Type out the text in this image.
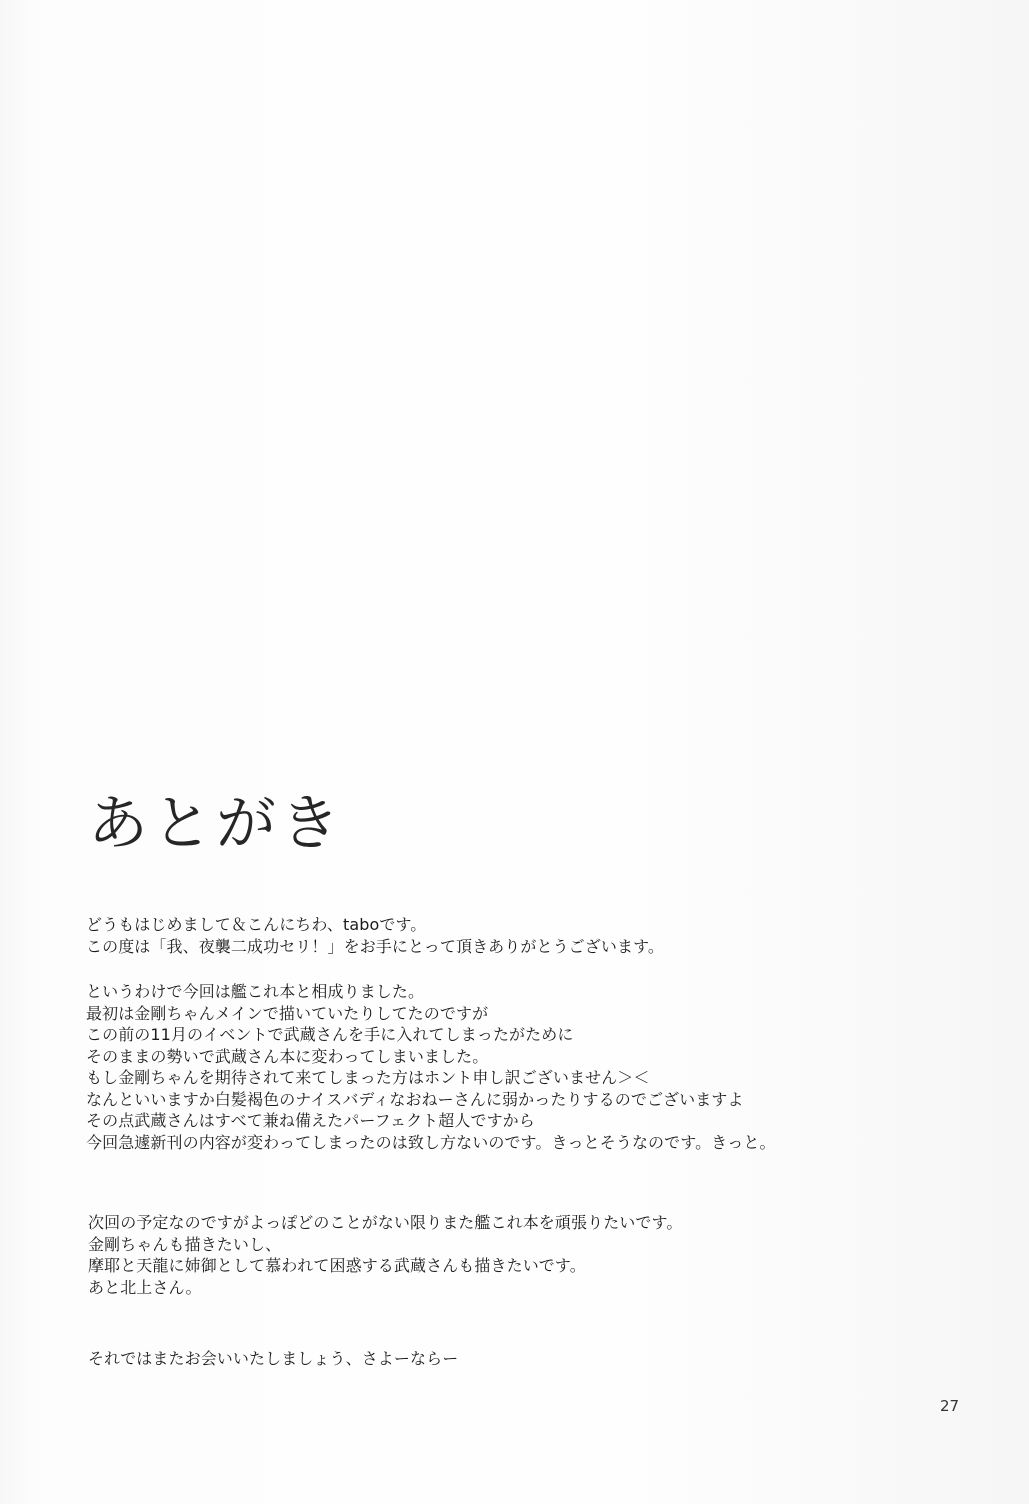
あとがき
どうもはじめまして＆こんにちわ、taboです。
この度は「我、夜襲二成功セリ！」をお手にとって頂きありがとうございます。
というわけで今回は艦これ本と相成りました。
最初は金剛ちゃんメインで描いていたりしてたのですが
この前の11月のイベントで武蔵さんを手に入れてしまったがために
そのままの勢いで武蔵さん本に変わってしまいました。
もし金剛ちゃんを期待されて来てしまった方はホント申し訳ございません＞＜
なんといいますか白髪褐色のナイスバディなおねーさんに弱かったりするのでございますよ
その点武蔵さんはすべて兼ね備えたパーフェクト超人ですから
今回急遽新刊の内容が変わってしまったのは致し方ないのです。きっとそうなのです。きっと。
次回の予定なのですがよっぽどのことがない限りまた艦これ本を頑張りたいです。
金剛ちゃんも描きたいし、
摩耶と天龍に姉御として慕われて困惑する武蔵さんも描きたいです。
あと北上さん。
それではまたお会いいたしましょう、さよーならー
27
